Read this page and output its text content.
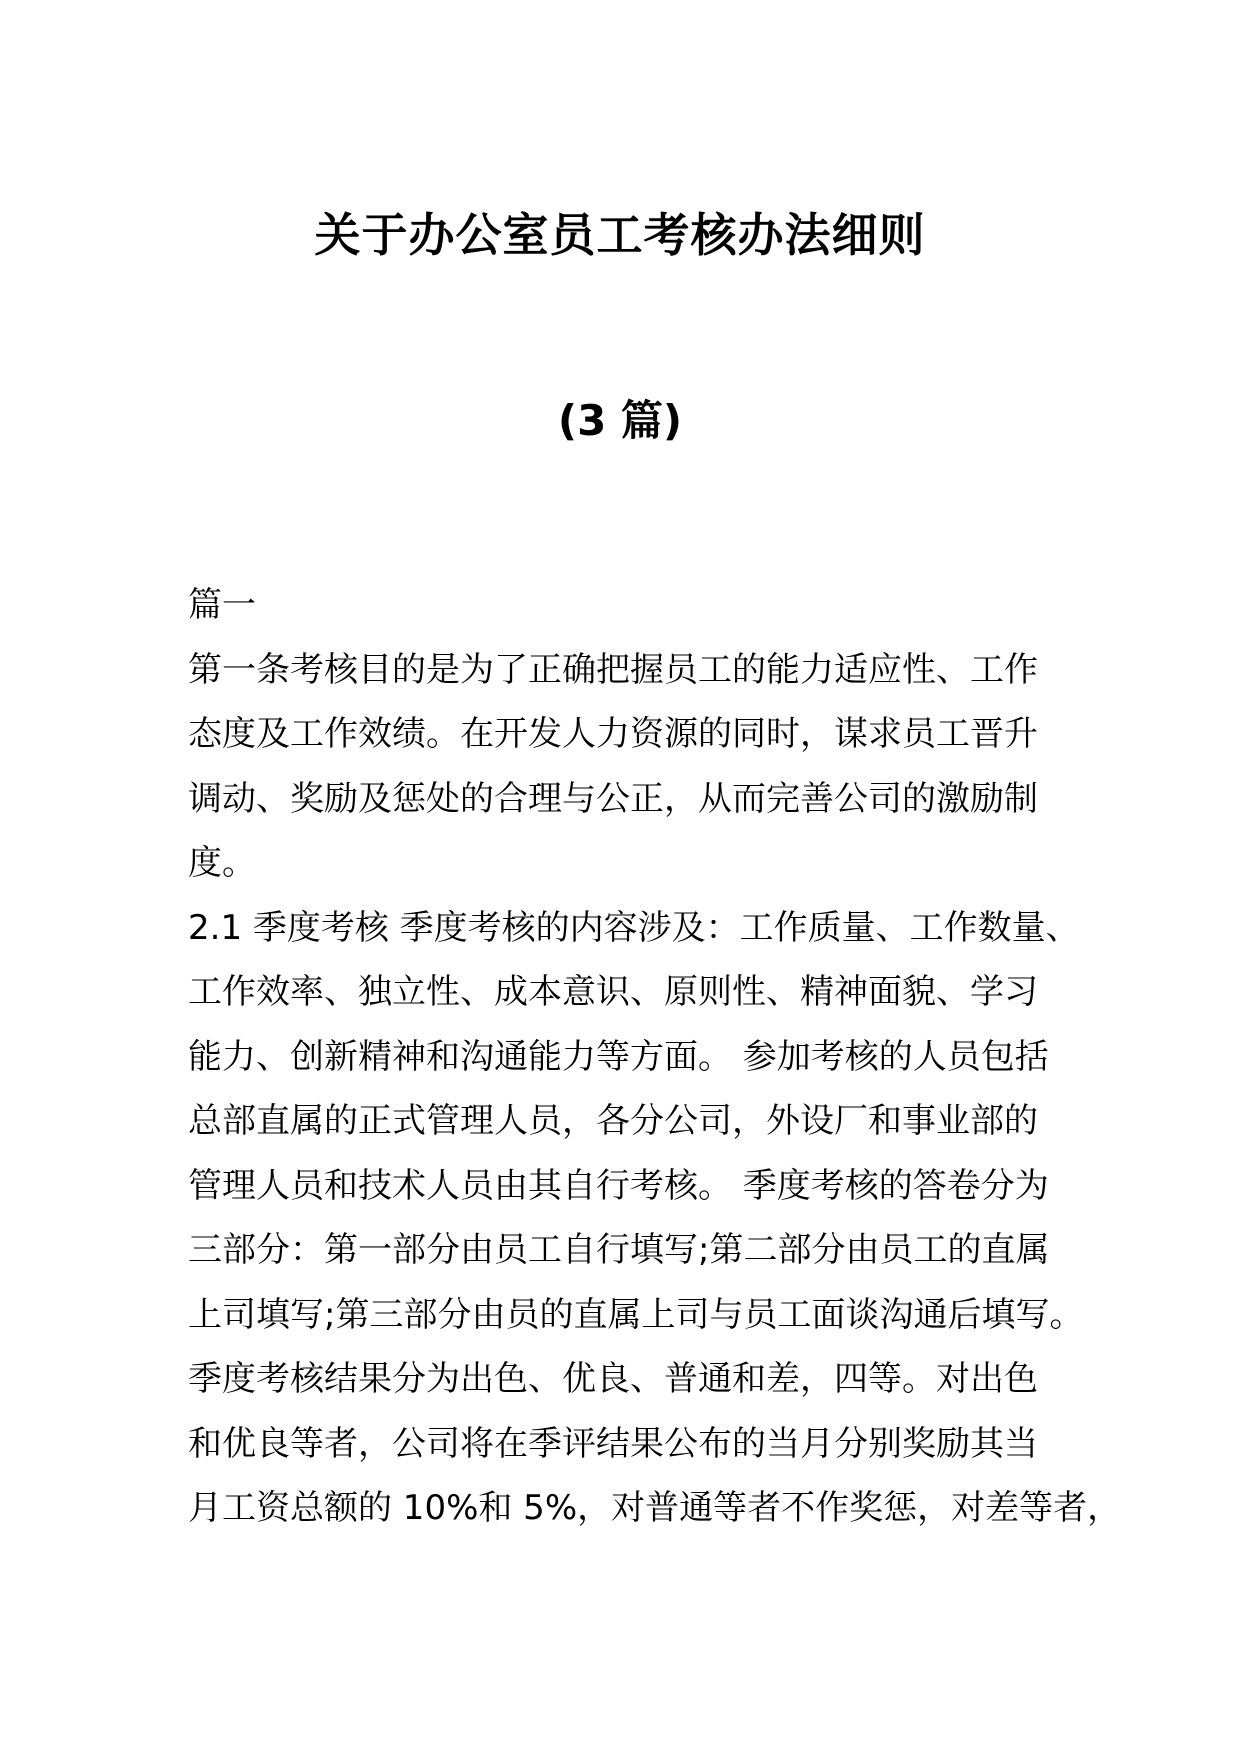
关于办公室员工考核办法细则
(3 篇)
篇一
第一条考核目的是为了正确把握员工的能力适应性、工作
态度及工作效绩。在开发人力资源的同时，谋求员工晋升
调动、奖励及惩处的合理与公正，从而完善公司的激励制
度。
2.1 季度考核 季度考核的内容涉及：工作质量、工作数量、
工作效率、独立性、成本意识、原则性、精神面貌、学习
能力、创新精神和沟通能力等方面。 参加考核的人员包括
总部直属的正式管理人员，各分公司，外设厂和事业部的
管理人员和技术人员由其自行考核。 季度考核的答卷分为
三部分：第一部分由员工自行填写;第二部分由员工的直属
上司填写;第三部分由员的直属上司与员工面谈沟通后填写。
季度考核结果分为出色、优良、普通和差，四等。对出色
和优良等者，公司将在季评结果公布的当月分别奖励其当
月工资总额的 10%和 5%，对普通等者不作奖惩，对差等者，
